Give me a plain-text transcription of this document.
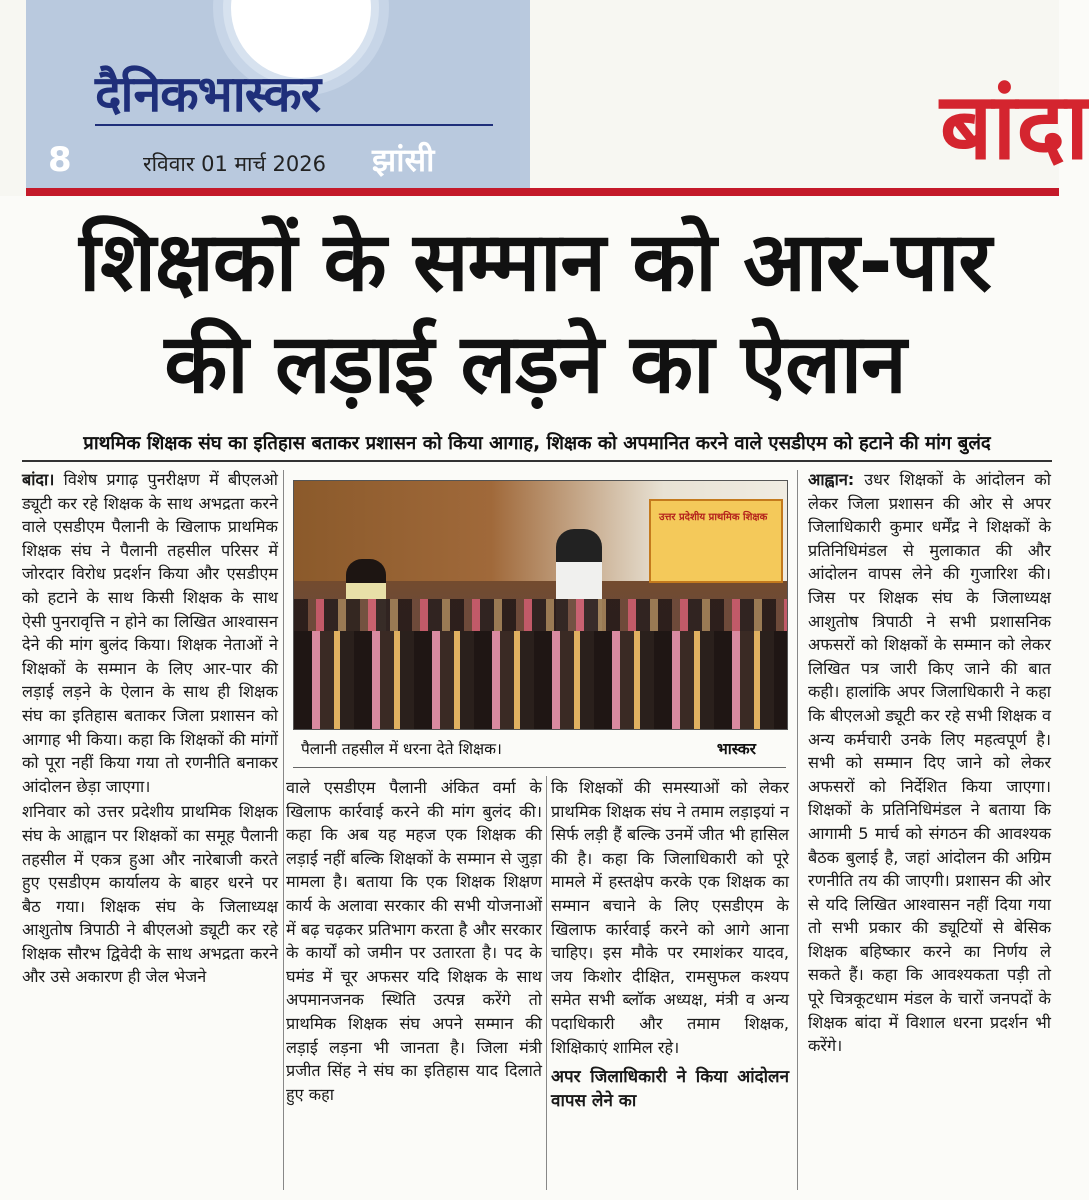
दैनिकभास्कर
8	रविवार 01 मार्च 2026 झांसी	बांदा
शिक्षकों के सम्मान को आर-पार
की लड़ाई लड़ने का ऐलान
प्राथमिक शिक्षक संघ का इतिहास बताकर प्रशासन को किया आगाह, शिक्षक को अपमानित करने वाले एसडीएम को हटाने की मांग बुलंद

बांदा। विशेष प्रगाढ़ पुनरीक्षण में बीएलओ ड्यूटी कर रहे शिक्षक के साथ अभद्रता करने वाले एसडीएम पैलानी के खिलाफ प्राथमिक शिक्षक संघ ने पैलानी तहसील परिसर में जोरदार विरोध प्रदर्शन किया और एसडीएम को हटाने के साथ किसी शिक्षक के साथ ऐसी पुनरावृत्ति न होने का लिखित आश्वासन देने की मांग बुलंद किया। शिक्षक नेताओं ने शिक्षकों के सम्मान के लिए आर-पार की लड़ाई लड़ने के ऐलान के साथ ही शिक्षक संघ का इतिहास बताकर जिला प्रशासन को आगाह भी किया। कहा कि शिक्षकों की मांगों को पूरा नहीं किया गया तो रणनीति बनाकर आंदोलन छेड़ा जाएगा।

शनिवार को उत्तर प्रदेशीय प्राथमिक शिक्षक संघ के आह्वान पर शिक्षकों का समूह पैलानी तहसील में एकत्र हुआ और नारेबाजी करते हुए एसडीएम कार्यालय के बाहर धरने पर बैठ गया। शिक्षक संघ के जिलाध्यक्ष आशुतोष त्रिपाठी ने बीएलओ ड्यूटी कर रहे शिक्षक सौरभ द्विवेदी के साथ अभद्रता करने और उसे अकारण ही जेल भेजने

उत्तर प्रदेशीय प्राथमिक शिक्षक
पैलानी तहसील में धरना देते शिक्षक।	भास्कर

वाले एसडीएम पैलानी अंकित वर्मा के खिलाफ कार्रवाई करने की मांग बुलंद की। कहा कि अब यह महज एक शिक्षक की लड़ाई नहीं बल्कि शिक्षकों के सम्मान से जुड़ा मामला है। बताया कि एक शिक्षक शिक्षण कार्य के अलावा सरकार की सभी योजनाओं में बढ़ चढ़कर प्रतिभाग करता है और सरकार के कार्यों को जमीन पर उतारता है। पद के घमंड में चूर अफसर यदि शिक्षक के साथ अपमानजनक स्थिति उत्पन्न करेंगे तो प्राथमिक शिक्षक संघ अपने सम्मान की लड़ाई लड़ना भी जानता है। जिला मंत्री प्रजीत सिंह ने संघ का इतिहास याद दिलाते हुए कहा

कि शिक्षकों की समस्याओं को लेकर प्राथमिक शिक्षक संघ ने तमाम लड़ाइयां न सिर्फ लड़ी हैं बल्कि उनमें जीत भी हासिल की है। कहा कि जिलाधिकारी को पूरे मामले में हस्तक्षेप करके एक शिक्षक का सम्मान बचाने के लिए एसडीएम के खिलाफ कार्रवाई करने को आगे आना चाहिए। इस मौके पर रमाशंकर यादव, जय किशोर दीक्षित, रामसुफल कश्यप समेत सभी ब्लॉक अध्यक्ष, मंत्री व अन्य पदाधिकारी और तमाम शिक्षक, शिक्षिकाएं शामिल रहे।

अपर जिलाधिकारी ने किया आंदोलन वापस लेने का

आह्वान: उधर शिक्षकों के आंदोलन को लेकर जिला प्रशासन की ओर से अपर जिलाधिकारी कुमार धर्मेंद्र ने शिक्षकों के प्रतिनिधिमंडल से मुलाकात की और आंदोलन वापस लेने की गुजारिश की। जिस पर शिक्षक संघ के जिलाध्यक्ष आशुतोष त्रिपाठी ने सभी प्रशासनिक अफसरों को शिक्षकों के सम्मान को लेकर लिखित पत्र जारी किए जाने की बात कही। हालांकि अपर जिलाधिकारी ने कहा कि बीएलओ ड्यूटी कर रहे सभी शिक्षक व अन्य कर्मचारी उनके लिए महत्वपूर्ण है। सभी को सम्मान दिए जाने को लेकर अफसरों को निर्देशित किया जाएगा। शिक्षकों के प्रतिनिधिमंडल ने बताया कि आगामी 5 मार्च को संगठन की आवश्यक बैठक बुलाई है, जहां आंदोलन की अग्रिम रणनीति तय की जाएगी। प्रशासन की ओर से यदि लिखित आश्वासन नहीं दिया गया तो सभी प्रकार की ड्यूटियों से बेसिक शिक्षक बहिष्कार करने का निर्णय ले सकते हैं। कहा कि आवश्यकता पड़ी तो पूरे चित्रकूटधाम मंडल के चारों जनपदों के शिक्षक बांदा में विशाल धरना प्रदर्शन भी करेंगे।
